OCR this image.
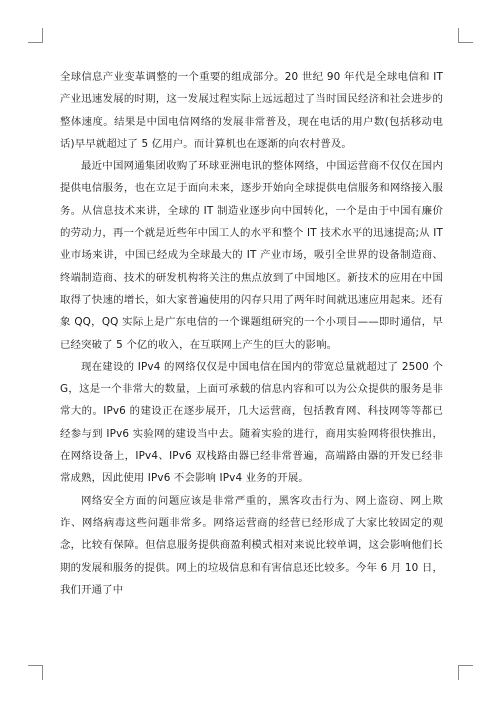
全球信息产业变革调整的一个重要的组成部分。20 世纪 90 年代是全球电信和 IT 产业迅速发展的时期，这一发展过程实际上远远超过了当时国民经济和社会进步的整体速度。结果是中国电信网络的发展非常普及，现在电话的用户数(包括移动电话)早早就超过了 5 亿用户。而计算机也在逐渐的向农村普及。

最近中国网通集团收购了环球亚洲电讯的整体网络，中国运营商不仅仅在国内提供电信服务，也在立足于面向未来，逐步开始向全球提供电信服务和网络接入服务。从信息技术来讲，全球的 IT 制造业逐步向中国转化，一个是由于中国有廉价的劳动力，再一个就是近些年中国工人的水平和整个 IT 技术水平的迅速提高;从 IT 业市场来讲，中国已经成为全球最大的 IT 产业市场，吸引全世界的设备制造商、终端制造商、技术的研发机构将关注的焦点放到了中国地区。新技术的应用在中国取得了快速的增长，如大家普遍使用的闪存只用了两年时间就迅速应用起来。还有象 QQ，QQ 实际上是广东电信的一个课题组研究的一个小项目——即时通信，早已经突破了 5 个亿的收入，在互联网上产生的巨大的影响。

现在建设的 IPv4 的网络仅仅是中国电信在国内的带宽总量就超过了 2500 个 G，这是一个非常大的数量，上面可承载的信息内容和可以为公众提供的服务是非常大的。IPv6 的建设正在逐步展开，几大运营商，包括教育网、科技网等等都已经参与到 IPv6 实验网的建设当中去。随着实验的进行，商用实验网将很快推出，在网络设备上，IPv4、IPv6 双栈路由器已经非常普遍，高端路由器的开发已经非常成熟，因此使用 IPv6 不会影响 IPv4 业务的开展。

网络安全方面的问题应该是非常严重的，黑客攻击行为、网上盗窃、网上欺诈、网络病毒这些问题非常多。网络运营商的经营已经形成了大家比较固定的观念，比较有保障。但信息服务提供商盈利模式相对来说比较单调，这会影响他们长期的发展和服务的提供。网上的垃圾信息和有害信息还比较多。今年 6 月 10 日，我们开通了中
